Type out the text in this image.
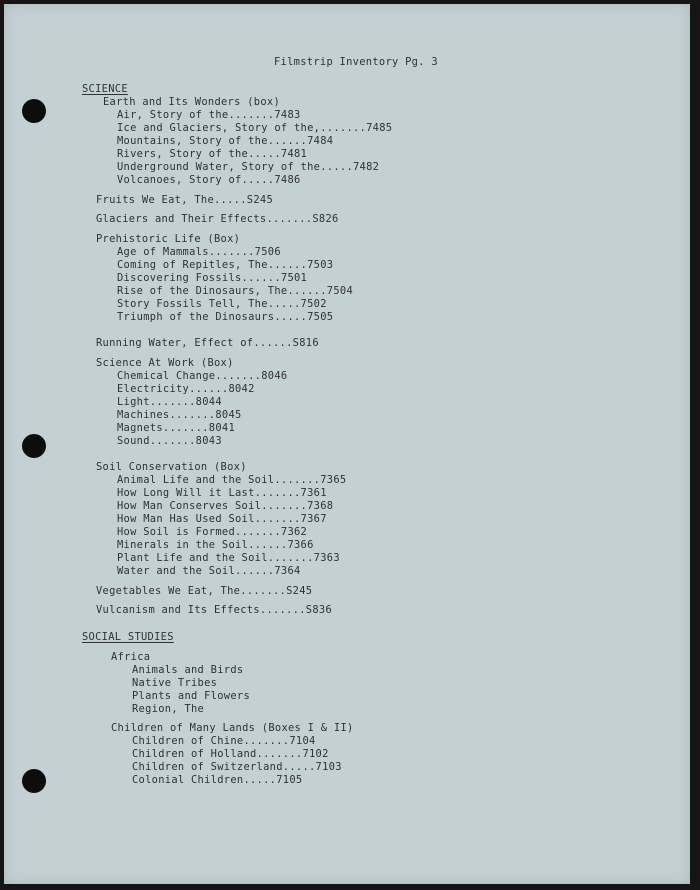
Filmstrip Inventory Pg. 3
SCIENCE
Earth and Its Wonders (box)
Air, Story of the.......7483
Ice and Glaciers, Story of the,.......7485
Mountains, Story of the......7484
Rivers, Story of the.....7481
Underground Water, Story of the.....7482
Volcanoes, Story of.....7486
Fruits We Eat, The.....S245
Glaciers and Their Effects.......S826
Prehistoric Life (Box)
Age of Mammals.......7506
Coming of Repitles, The......7503
Discovering Fossils......7501
Rise of the Dinosaurs, The......7504
Story Fossils Tell, The.....7502
Triumph of the Dinosaurs.....7505
Running Water, Effect of......S816
Science At Work (Box)
Chemical Change.......8046
Electricity......8042
Light.......8044
Machines.......8045
Magnets.......8041
Sound.......8043
Soil Conservation (Box)
Animal Life and the Soil.......7365
How Long Will it Last.......7361
How Man Conserves Soil.......7368
How Man Has Used Soil.......7367
How Soil is Formed.......7362
Minerals in the Soil......7366
Plant Life and the Soil.......7363
Water and the Soil......7364
Vegetables We Eat, The.......S245
Vulcanism and Its Effects.......S836
SOCIAL STUDIES
Africa
Animals and Birds
Native Tribes
Plants and Flowers
Region, The
Children of Many Lands (Boxes I & II)
Children of Chine.......7104
Children of Holland.......7102
Children of Switzerland.....7103
Colonial Children.....7105
